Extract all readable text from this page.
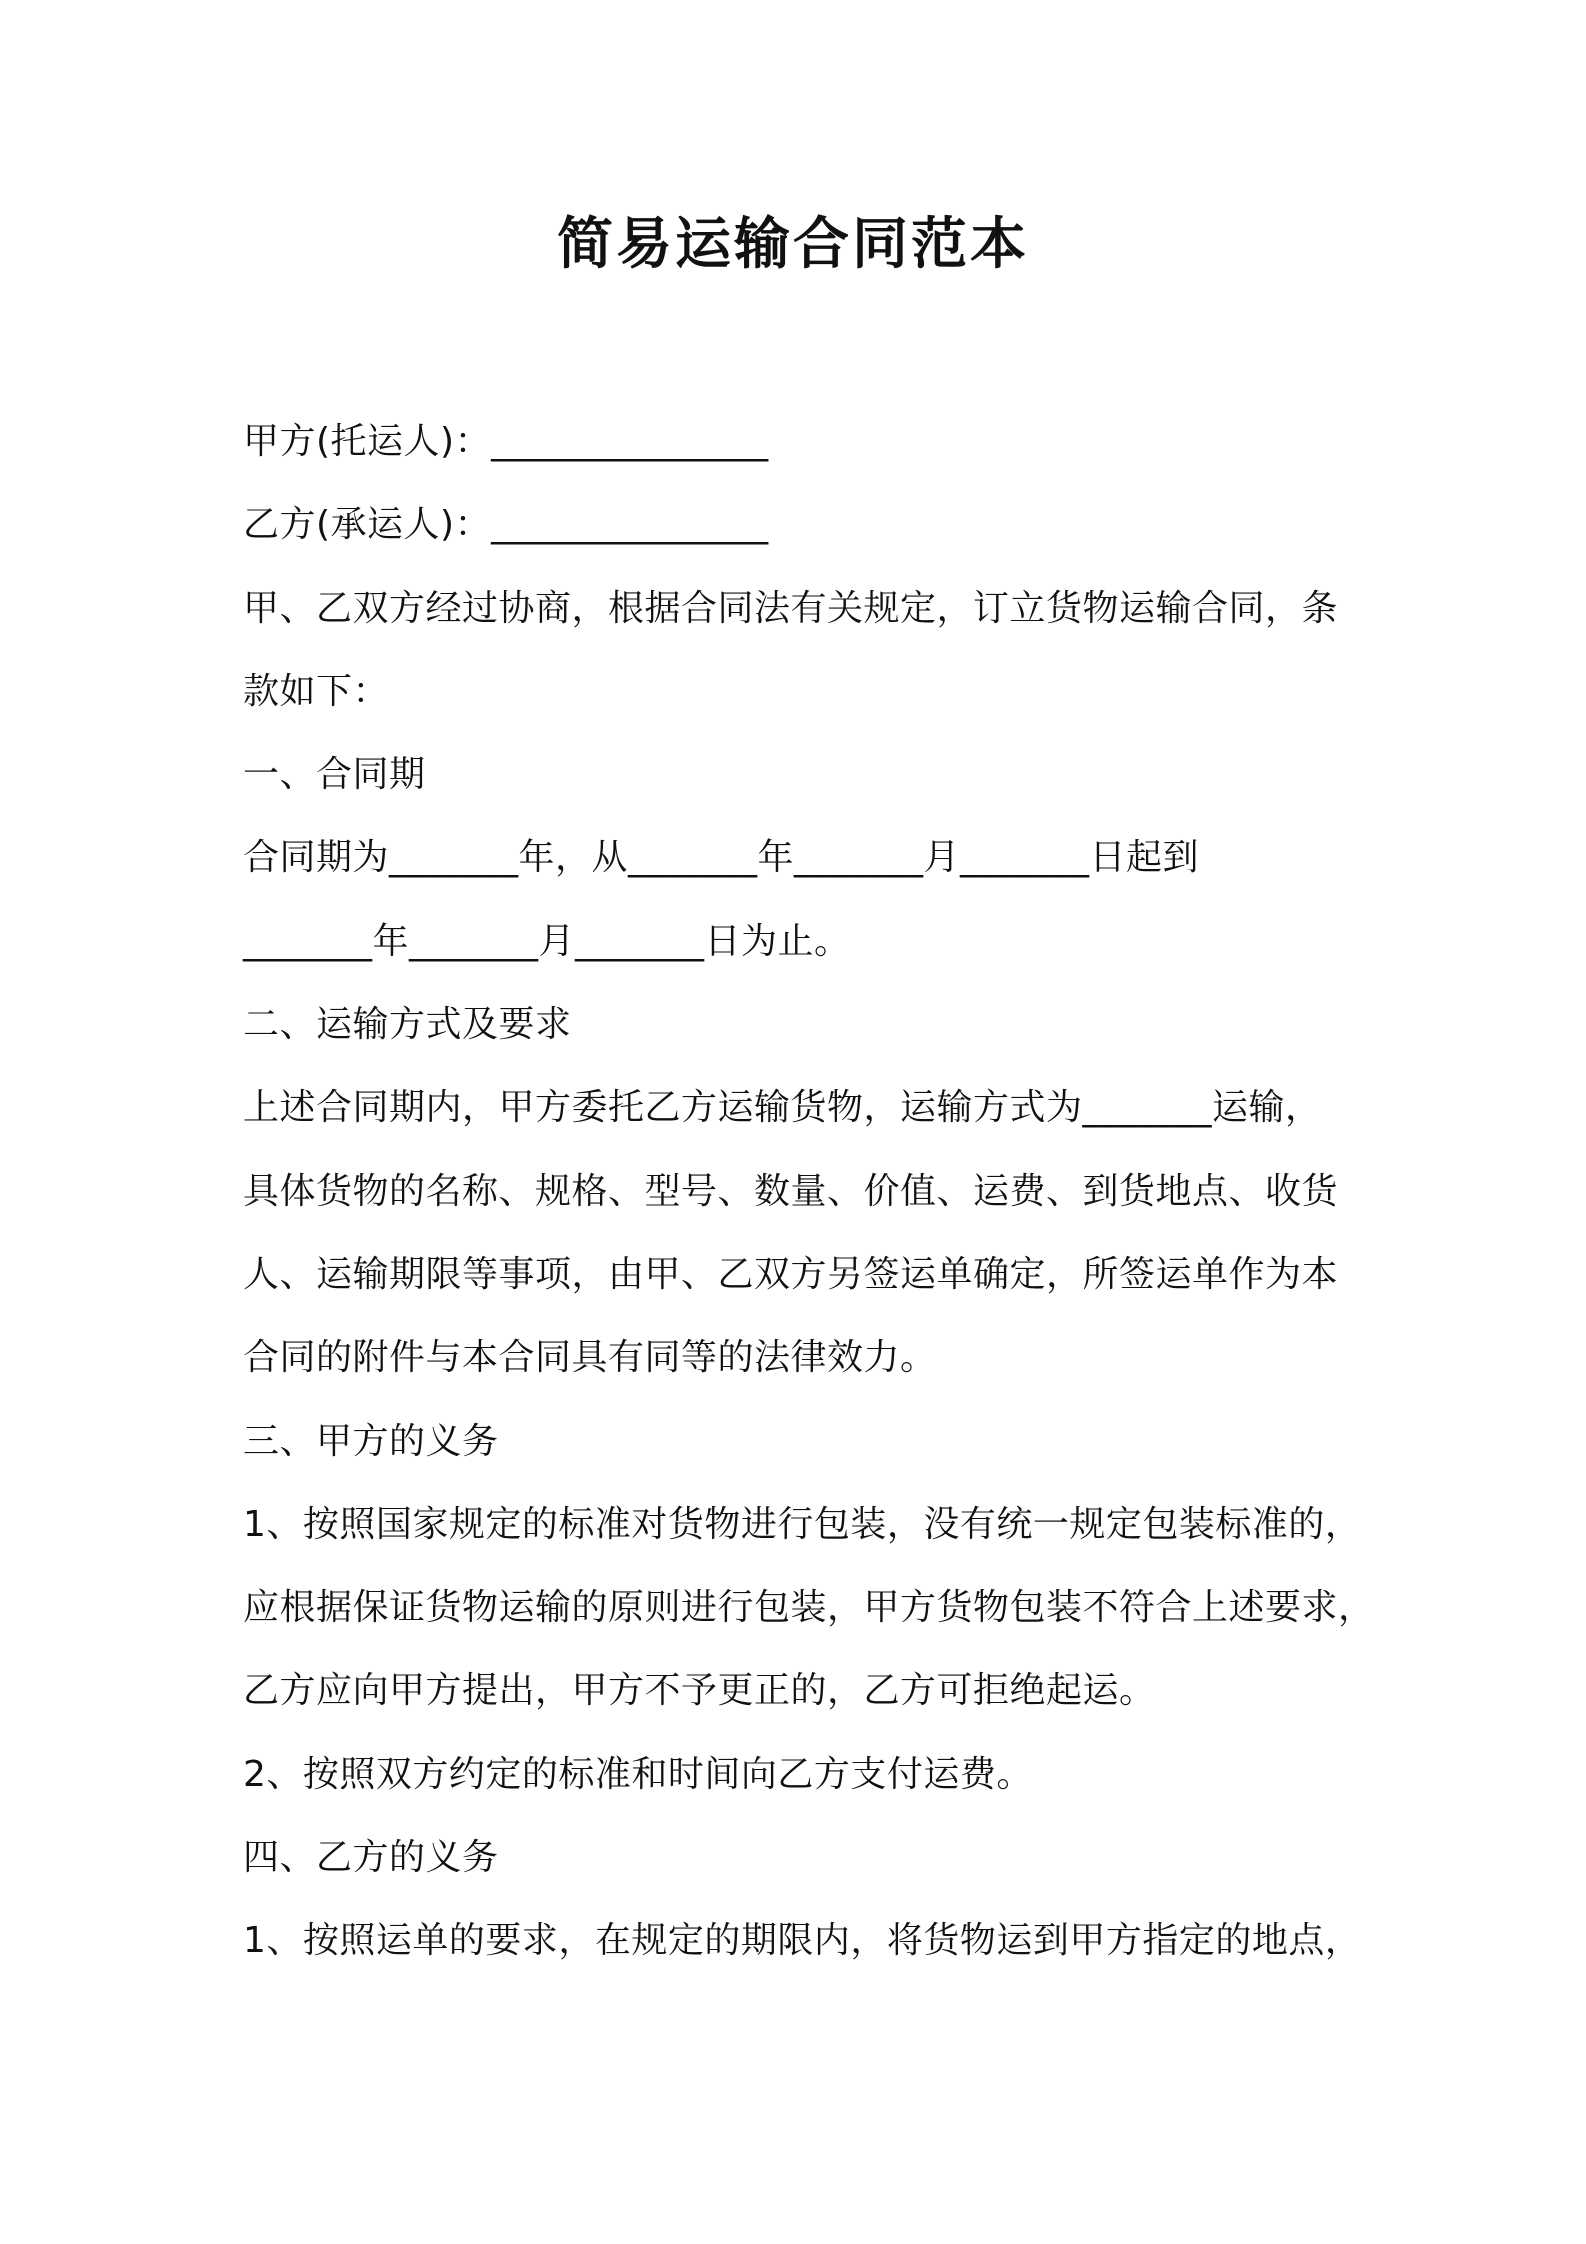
简易运输合同范本

甲方(托运人)：_______________

乙方(承运人)：_______________

甲、乙双方经过协商，根据合同法有关规定，订立货物运输合同，条

款如下：

一、合同期

合同期为_______年，从_______年_______月_______日起到

_______年_______月_______日为止。

二、运输方式及要求

上述合同期内，甲方委托乙方运输货物，运输方式为_______运输，

具体货物的名称、规格、型号、数量、价值、运费、到货地点、收货

人、运输期限等事项，由甲、乙双方另签运单确定，所签运单作为本

合同的附件与本合同具有同等的法律效力。

三、甲方的义务

1、按照国家规定的标准对货物进行包装，没有统一规定包装标准的，

应根据保证货物运输的原则进行包装，甲方货物包装不符合上述要求，

乙方应向甲方提出，甲方不予更正的，乙方可拒绝起运。

2、按照双方约定的标准和时间向乙方支付运费。

四、乙方的义务

1、按照运单的要求，在规定的期限内，将货物运到甲方指定的地点，
